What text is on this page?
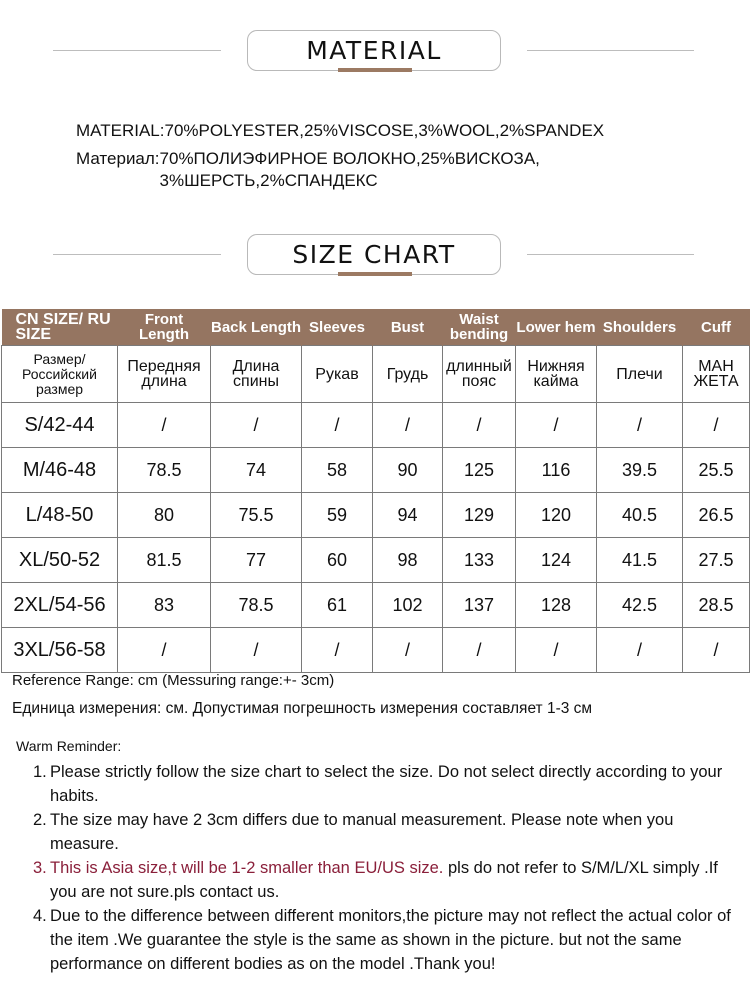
MATERIAL
MATERIAL: 70%POLYESTER,25%VISCOSE,3%WOOL,2%SPANDEX
Материал: 70%ПОЛИЭФИРНОЕ ВОЛОКНО,25%ВИСКОЗА, 3%ШЕРСТЬ,2%СПАНДЕКС
SIZE CHART
CN SIZE/ RU SIZE	Front Length	Back Length	Sleeves	Bust	Waist bending	Lower hem	Shoulders	Cuff
Размер/ Российский размер	Передняя длина	Длина спины	Рукав	Грудь	длинный пояс	Нижняя кайма	Плечи	МАН ЖЕТА
S/42-44	/	/	/	/	/	/	/	/
M/46-48	78.5	74	58	90	125	116	39.5	25.5
L/48-50	80	75.5	59	94	129	120	40.5	26.5
XL/50-52	81.5	77	60	98	133	124	41.5	27.5
2XL/54-56	83	78.5	61	102	137	128	42.5	28.5
3XL/56-58	/	/	/	/	/	/	/	/
Reference Range: cm (Messuring range:+- 3cm)
Единица измерения: см. Допустимая погрешность измерения составляет 1-3 см
Warm Reminder:
1. Please strictly follow the size chart to select the size. Do not select directly according to your habits.
2. The size may have 2 3cm differs due to manual measurement. Please note when you measure.
3. This is Asia size,t will be 1-2 smaller than EU/US size. pls do not refer to S/M/L/XL simply .If you are not sure.pls contact us.
4. Due to the difference between different monitors,the picture may not reflect the actual color of the item .We guarantee the style is the same as shown in the picture. but not the same performance on different bodies as on the model .Thank you!
